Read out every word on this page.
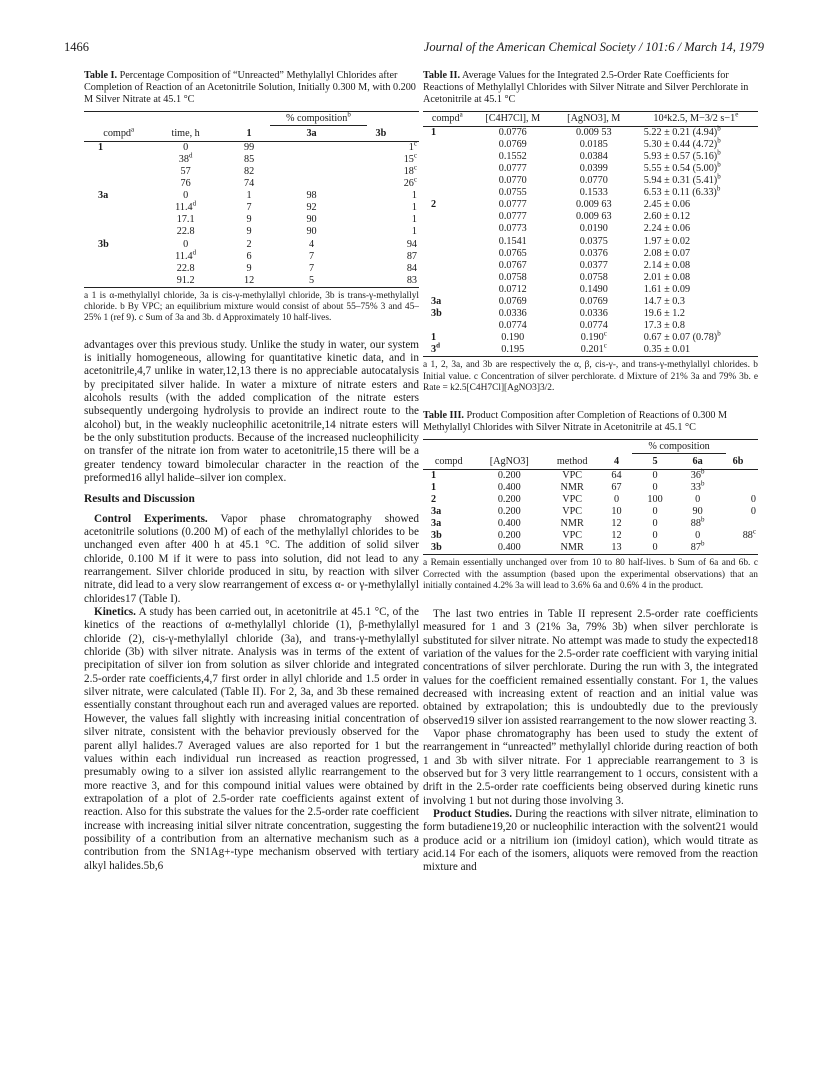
1466	Journal of the American Chemical Society / 101:6 / March 14, 1979
Table I. Percentage Composition of “Unreacted” Methylallyl Chlorides after Completion of Reaction of an Acetonitrile Solution, Initially 0.300 M, with 0.200 M Silver Nitrate at 45.1 °C
		% composition$^b$
compd$^a$	time, h	1	3a	3b
1	0	99		1$^c$
	38$^d$	85		15$^c$
	57	82		18$^c$
	76	74		26$^c$
3a	0	1	98	1
	11.4$^d$	7	92	1
	17.1	9	90	1
	22.8	9	90	1
3b	0	2	4	94
	11.4$^d$	6	7	87
	22.8	9	7	84
	91.2	12	5	83
a 1 is α-methylallyl chloride, 3a is cis-γ-methylallyl chloride, 3b is trans-γ-methylallyl chloride. b By VPC; an equilibrium mixture would consist of about 55–75% 3 and 45–25% 1 (ref 9). c Sum of 3a and 3b. d Approximately 10 half-lives.

advantages over this previous study. Unlike the study in water, our system is initially homogeneous, allowing for quantitative kinetic data, and in acetonitrile,4,7 unlike in water,12,13 there is no appreciable autocatalysis by precipitated silver halide. In water a mixture of nitrate esters and alcohols results (with the added complication of the nitrate esters subsequently undergoing hydrolysis to provide an indirect route to the alcohol) but, in the weakly nucleophilic acetonitrile,14 nitrate esters will be the only substitution products. Because of the increased nucleophilicity on transfer of the nitrate ion from water to acetonitrile,15 there will be a greater tendency toward bimolecular character in the reaction of the preformed16 allyl halide–silver ion complex.

Results and Discussion

Control Experiments. Vapor phase chromatography showed acetonitrile solutions (0.200 M) of each of the methylallyl chlorides to be unchanged even after 400 h at 45.1 °C. The addition of solid silver chloride, 0.100 M if it were to pass into solution, did not lead to any rearrangement. Silver chloride produced in situ, by reaction with silver nitrate, did lead to a very slow rearrangement of excess α- or γ-methylallyl chlorides17 (Table I).

Kinetics. A study has been carried out, in acetonitrile at 45.1 °C, of the kinetics of the reactions of α-methylallyl chloride (1), β-methylallyl chloride (2), cis-γ-methylallyl chloride (3a), and trans-γ-methylallyl chloride (3b) with silver nitrate. Analysis was in terms of the extent of precipitation of silver ion from solution as silver chloride and integrated 2.5-order rate coefficients,4,7 first order in allyl chloride and 1.5 order in silver nitrate, were calculated (Table II). For 2, 3a, and 3b these remained essentially constant throughout each run and averaged values are reported. However, the values fall slightly with increasing initial concentration of silver nitrate, consistent with the behavior previously observed for the parent allyl halides.7 Averaged values are also reported for 1 but the values within each individual run increased as reaction progressed, presumably owing to a silver ion assisted allylic rearrangement to the more reactive 3, and for this compound initial values were obtained by extrapolation of a plot of 2.5-order rate coefficients against extent of reaction. Also for this substrate the values for the 2.5-order rate coefficient increase with increasing initial silver nitrate concentration, suggesting the possibility of a contribution from an alternative mechanism such as a contribution from the SN1Ag+-type mechanism observed with tertiary alkyl halides.5b,6

Table II. Average Values for the Integrated 2.5-Order Rate Coefficients for Reactions of Methylallyl Chlorides with Silver Nitrate and Silver Perchlorate in Acetonitrile at 45.1 °C
compd$^a$	[C4H7Cl], M	[AgNO3], M	10⁴k2.5, M−3/2 $s-1^e$
1	0.0776	0.009 53	5.22 ± 0.21 $(4.94)^b$
	0.0769	0.0185	5.30 ± 0.44 $(4.72)^b$
	0.1552	0.0384	5.93 ± 0.57 $(5.16)^b$
	0.0777	0.0399	5.55 ± 0.54 $(5.00)^b$
	0.0770	0.0770	5.94 ± 0.31 $(5.41)^b$
	0.0755	0.1533	6.53 ± 0.11 $(6.33)^b$
2	0.0777	0.009 63	2.45 ± 0.06
	0.0777	0.009 63	2.60 ± 0.12
	0.0773	0.0190	2.24 ± 0.06
	0.1541	0.0375	1.97 ± 0.02
	0.0765	0.0376	2.08 ± 0.07
	0.0767	0.0377	2.14 ± 0.08
	0.0758	0.0758	2.01 ± 0.08
	0.0712	0.1490	1.61 ± 0.09
3a	0.0769	0.0769	14.7 ± 0.3
3b	0.0336	0.0336	19.6 ± 1.2
	0.0774	0.0774	17.3 ± 0.8
1	0.190	0.190$^c$	0.67 ± 0.07 $(0.78)^b$
3$^d$	0.195	0.201$^c$	0.35 ± 0.01
a 1, 2, 3a, and 3b are respectively the α, β, cis-γ-, and trans-γ-methylallyl chlorides. b Initial value. c Concentration of silver perchlorate. d Mixture of 21% 3a and 79% 3b. e Rate = k2.5[C4H7Cl][AgNO3]3/2.
Table III. Product Composition after Completion of Reactions of 0.300 M Methylallyl Chlorides with Silver Nitrate in Acetonitrile at 45.1 °C
			% composition			
compd	[AgNO3]	method	4	5	6a	6b
1	0.200	VPC	64	0	36$^b$	
1	0.400	NMR	67	0	33$^b$	
2	0.200	VPC	0	100	0	0
3a	0.200	VPC	10	0	90	0
3a	0.400	NMR	12	0	88$^b$	
3b	0.200	VPC	12	0	0	88$^c$
3b	0.400	NMR	13	0	87$^b$	
a Remain essentially unchanged over from 10 to 80 half-lives. b Sum of 6a and 6b. c Corrected with the assumption (based upon the experimental observations) that an initially contained 4.2% 3a will lead to 3.6% 6a and 0.6% 4 in the product.

The last two entries in Table II represent 2.5-order rate coefficients measured for 1 and 3 (21% 3a, 79% 3b) when silver perchlorate is substituted for silver nitrate. No attempt was made to study the expected18 variation of the values for the 2.5-order rate coefficient with varying initial concentrations of silver perchlorate. During the run with 3, the integrated values for the coefficient remained essentially constant. For 1, the values decreased with increasing extent of reaction and an initial value was obtained by extrapolation; this is undoubtedly due to the previously observed19 silver ion assisted rearrangement to the now slower reacting 3.

Vapor phase chromatography has been used to study the extent of rearrangement in “unreacted” methylallyl chloride during reaction of both 1 and 3b with silver nitrate. For 1 appreciable rearrangement to 3 is observed but for 3 very little rearrangement to 1 occurs, consistent with a drift in the 2.5-order rate coefficients being observed during kinetic runs involving 1 but not during those involving 3.

Product Studies. During the reactions with silver nitrate, elimination to form butadiene19,20 or nucleophilic interaction with the solvent21 would produce acid or a nitrilium ion (imidoyl cation), which would titrate as acid.14 For each of the isomers, aliquots were removed from the reaction mixture and
